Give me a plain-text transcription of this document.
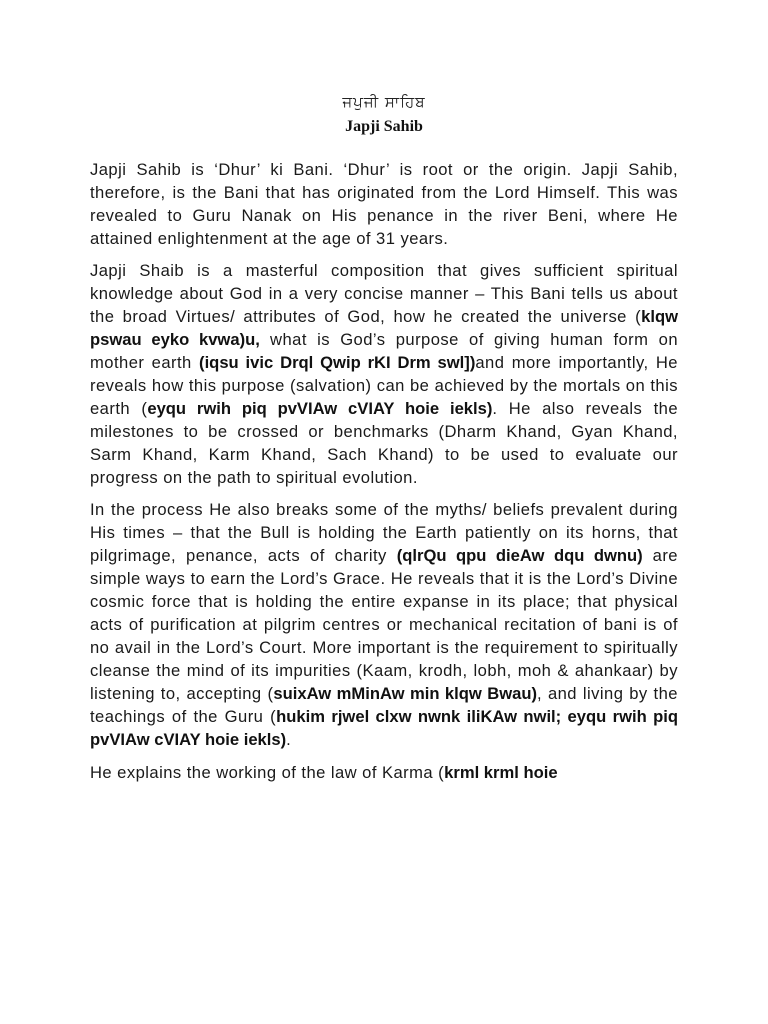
ਜਪੁਜੀ ਸਾਹਿਬ
Japji Sahib

Japji Sahib is ‘Dhur’ ki Bani. ‘Dhur’ is root or the origin. Japji Sahib, therefore, is the Bani that has originated from the Lord Himself. This was revealed to Guru Nanak on His penance in the river Beni, where He attained enlightenment at the age of 31 years.

Japji Shaib is a masterful composition that gives sufficient spiritual knowledge about God in a very concise manner – This Bani tells us about the broad Virtues/ attributes of God, how he created the universe (klqw pswau eyko kvwa)u, what is God’s purpose of giving human form on mother earth (iqsu ivic Drql Qwip rKI Drm swl])and more importantly, He reveals how this purpose (salvation) can be achieved by the mortals on this earth (eyqu rwih piq pvVIAw cVIAY hoie iekls). He also reveals the milestones to be crossed or benchmarks (Dharm Khand, Gyan Khand, Sarm Khand, Karm Khand, Sach Khand) to be used to evaluate our progress on the path to spiritual evolution.

In the process He also breaks some of the myths/ beliefs prevalent during His times – that the Bull is holding the Earth patiently on its horns, that pilgrimage, penance, acts of charity (qlrQu qpu dieAw dqu dwnu) are simple ways to earn the Lord’s Grace. He reveals that it is the Lord’s Divine cosmic force that is holding the entire expanse in its place; that physical acts of purification at pilgrim centres or mechanical recitation of bani is of no avail in the Lord’s Court. More important is the requirement to spiritually cleanse the mind of its impurities (Kaam, krodh, lobh, moh & ahankaar) by listening to, accepting (suixAw mMinAw min klqw Bwau), and living by the teachings of the Guru (hukim rjwel clxw nwnk iliKAw nwil; eyqu rwih piq pvVIAw cVIAY hoie iekls).

He explains the working of the law of Karma (krml krml hoie
